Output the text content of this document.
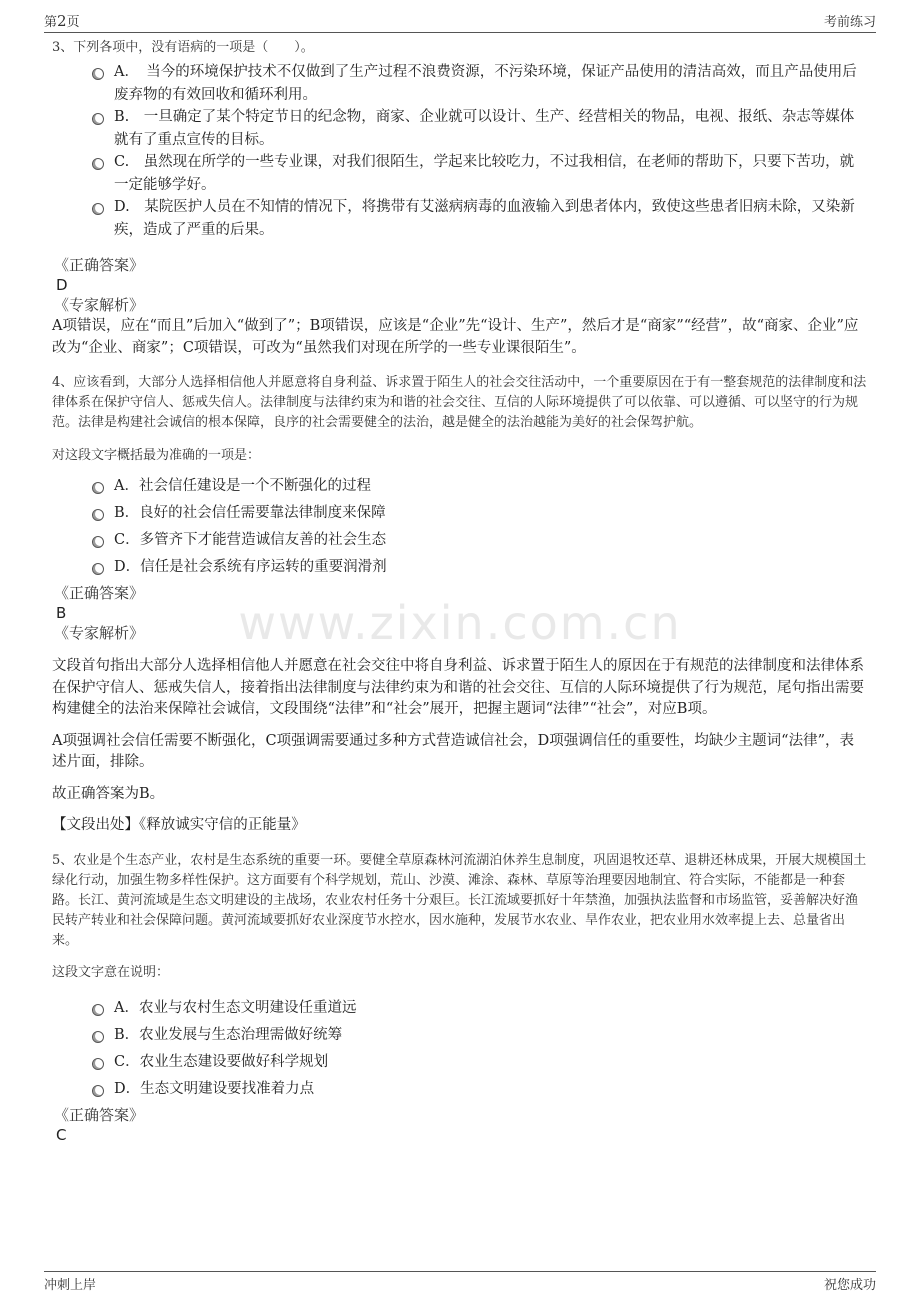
第2页	考前练习
www.zixin.com.cn

3、下列各项中，没有语病的一项是（　　）。

A．　当今的环境保护技术不仅做到了生产过程不浪费资源，不污染环境，保证产品使用的清洁高效，而且产品使用后废弃物的有效回收和循环利用。
B.　一旦确定了某个特定节日的纪念物，商家、企业就可以设计、生产、经营相关的物品，电视、报纸、杂志等媒体就有了重点宣传的目标。
C.　虽然现在所学的一些专业课，对我们很陌生，学起来比较吃力，不过我相信，在老师的帮助下，只要下苦功，就一定能够学好。
D.　某院医护人员在不知情的情况下，将携带有艾滋病病毒的血液输入到患者体内，致使这些患者旧病未除，又染新疾，造成了严重的后果。
《正确答案》
D
《专家解析》

A项错误，应在“而且”后加入“做到了”；B项错误，应该是“企业”先“设计、生产”，然后才是“商家”“经营”，故“商家、企业”应改为“企业、商家”；C项错误，可改为“虽然我们对现在所学的一些专业课很陌生”。

4、应该看到，大部分人选择相信他人并愿意将自身利益、诉求置于陌生人的社会交往活动中，一个重要原因在于有一整套规范的法律制度和法律体系在保护守信人、惩戒失信人。法律制度与法律约束为和谐的社会交往、互信的人际环境提供了可以依靠、可以遵循、可以坚守的行为规范。法律是构建社会诚信的根本保障，良序的社会需要健全的法治，越是健全的法治越能为美好的社会保驾护航。

对这段文字概括最为准确的一项是：

A．社会信任建设是一个不断强化的过程
B．良好的社会信任需要靠法律制度来保障
C．多管齐下才能营造诚信友善的社会生态
D．信任是社会系统有序运转的重要润滑剂
《正确答案》
B
《专家解析》

文段首句指出大部分人选择相信他人并愿意在社会交往中将自身利益、诉求置于陌生人的原因在于有规范的法律制度和法律体系在保护守信人、惩戒失信人，接着指出法律制度与法律约束为和谐的社会交往、互信的人际环境提供了行为规范，尾句指出需要构建健全的法治来保障社会诚信，文段围绕“法律”和“社会”展开，把握主题词“法律”“社会”，对应B项。

A项强调社会信任需要不断强化，C项强调需要通过多种方式营造诚信社会，D项强调信任的重要性，均缺少主题词“法律”，表述片面，排除。

故正确答案为B。

【文段出处】《释放诚实守信的正能量》

5、农业是个生态产业，农村是生态系统的重要一环。要健全草原森林河流湖泊休养生息制度，巩固退牧还草、退耕还林成果，开展大规模国土绿化行动，加强生物多样性保护。这方面要有个科学规划，荒山、沙漠、滩涂、森林、草原等治理要因地制宜、符合实际，不能都是一种套路。长江、黄河流域是生态文明建设的主战场，农业农村任务十分艰巨。长江流域要抓好十年禁渔，加强执法监督和市场监管，妥善解决好渔民转产转业和社会保障问题。黄河流域要抓好农业深度节水控水，因水施种，发展节水农业、旱作农业，把农业用水效率提上去、总量省出来。

这段文字意在说明：

A．农业与农村生态文明建设任重道远
B．农业发展与生态治理需做好统筹
C．农业生态建设要做好科学规划
D．生态文明建设要找准着力点
《正确答案》
C
冲刺上岸	祝您成功
